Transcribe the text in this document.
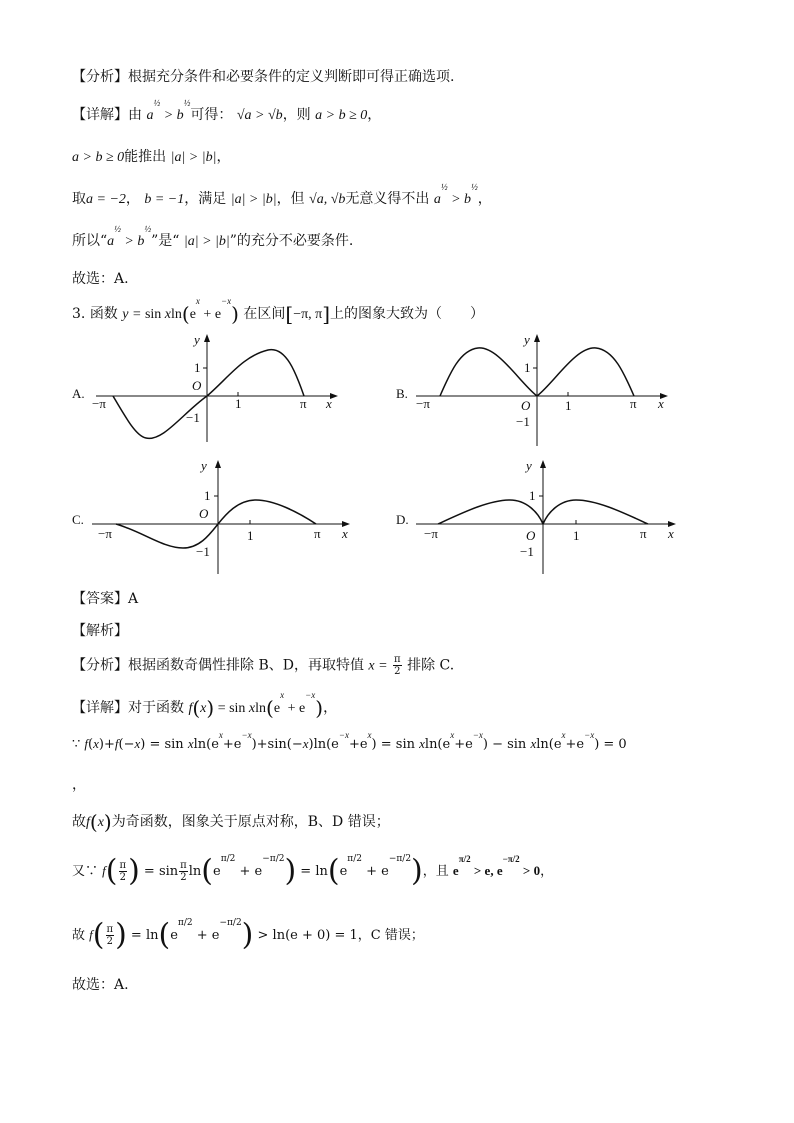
【分析】根据充分条件和必要条件的定义判断即可得正确选项.
【详解】由 $a^{\frac{1}{2}} > b^{\frac{1}{2}}$可得： √a > √b，则 a > b ≥ 0，
a > b ≥ 0能推出 |a| > |b|，
取a = −2， b = −1，满足 |a| > |b|，但 √a, √b无意义得不出 $a^{\frac{1}{2}} > b^{\frac{1}{2}}$，
所以“$a^{\frac{1}{2}} > b^{\frac{1}{2}}$”是“ |a| > |b|”的充分不必要条件.
故选：A.
3. 函数 $y = \sin xln(e^x + e^{-x})$ 在区间[−π, π]上的图象大致为（　　）
A.	B.
C.	D.
y
1
O
−π	1	π x
−1
y
1
−π	O	1	π x
−1
y
1
O
−π	1	π x
−1
y
1
−π	O	1	π x
−1
【答案】A
【解析】
【分析】根据函数奇偶性排除 B、D，再取特值 $x = \frac{\pi}{2}$ 排除 C.
【详解】对于函数 $f(x) = \sin xln(e^x + e^{-x})$，
∵ $f(x)+f(-x) = \sin xln(e^x+e^{-x})+\sin(-x)\ln(e^{-x}+e^x) = \sin xln(e^x+e^{-x}) - \sin xln(e^x+e^{-x}) = 0$
，
故f(x)为奇函数，图象关于原点对称，B、D 错误；
又∵ $f( \frac{\pi}{2}$ ) = $\sin \frac{\pi}{2} \ln(e^{\pi/2} + e^{-\pi/2}) = \ln(e^{\pi/2} + e^{-\pi/2})$，且 $e^{\pi/2} > e$, $e^{-\pi/2} > 0$，
故 $f( \frac{\pi}{2}$ ) = $\ln(e^{\pi/2} + e^{-\pi/2}) > \ln(e + 0) = 1$，C 错误；
故选：A.
